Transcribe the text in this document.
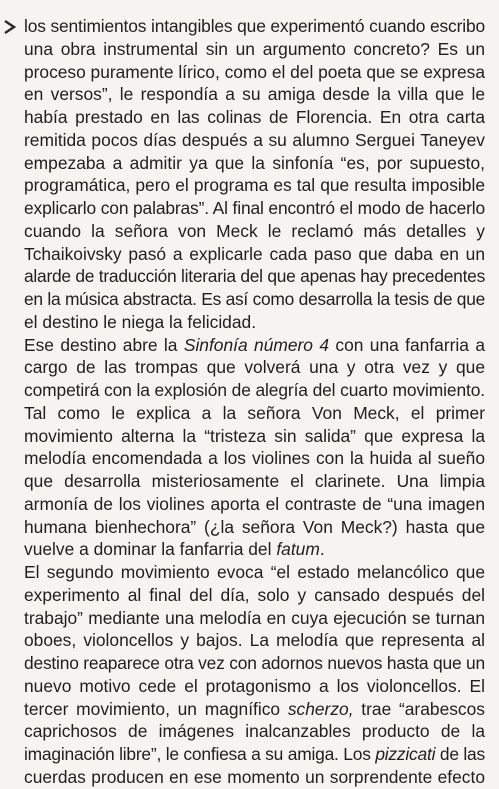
los sentimientos intangibles que experimentó cuando escribo
una obra instrumental sin un argumento concreto? Es un
proceso puramente lírico, como el del poeta que se expresa
en versos”, le respondía a su amiga desde la villa que le
había prestado en las colinas de Florencia. En otra carta
remitida pocos días después a su alumno Serguei Taneyev
empezaba a admitir ya que la sinfonía “es, por supuesto,
programática, pero el programa es tal que resulta imposible
explicarlo con palabras”. Al final encontró el modo de hacerlo
cuando la señora von Meck le reclamó más detalles y
Tchaikoivsky pasó a explicarle cada paso que daba en un
alarde de traducción literaria del que apenas hay precedentes
en la música abstracta. Es así como desarrolla la tesis de que
el destino le niega la felicidad.
Ese destino abre la Sinfonía número 4 con una fanfarria a
cargo de las trompas que volverá una y otra vez y que
competirá con la explosión de alegría del cuarto movimiento.
Tal como le explica a la señora Von Meck, el primer
movimiento alterna la “tristeza sin salida” que expresa la
melodía encomendada a los violines con la huida al sueño
que desarrolla misteriosamente el clarinete. Una limpia
armonía de los violines aporta el contraste de “una imagen
humana bienhechora” (¿la señora Von Meck?) hasta que
vuelve a dominar la fanfarria del fatum.
El segundo movimiento evoca “el estado melancólico que
experimento al final del día, solo y cansado después del
trabajo” mediante una melodía en cuya ejecución se turnan
oboes, violoncellos y bajos. La melodía que representa al
destino reaparece otra vez con adornos nuevos hasta que un
nuevo motivo cede el protagonismo a los violoncellos. El
tercer movimiento, un magnífico scherzo, trae “arabescos
caprichosos de imágenes inalcanzables producto de la
imaginación libre”, le confiesa a su amiga. Los pizzicati de las
cuerdas producen en ese momento un sorprendente efecto
